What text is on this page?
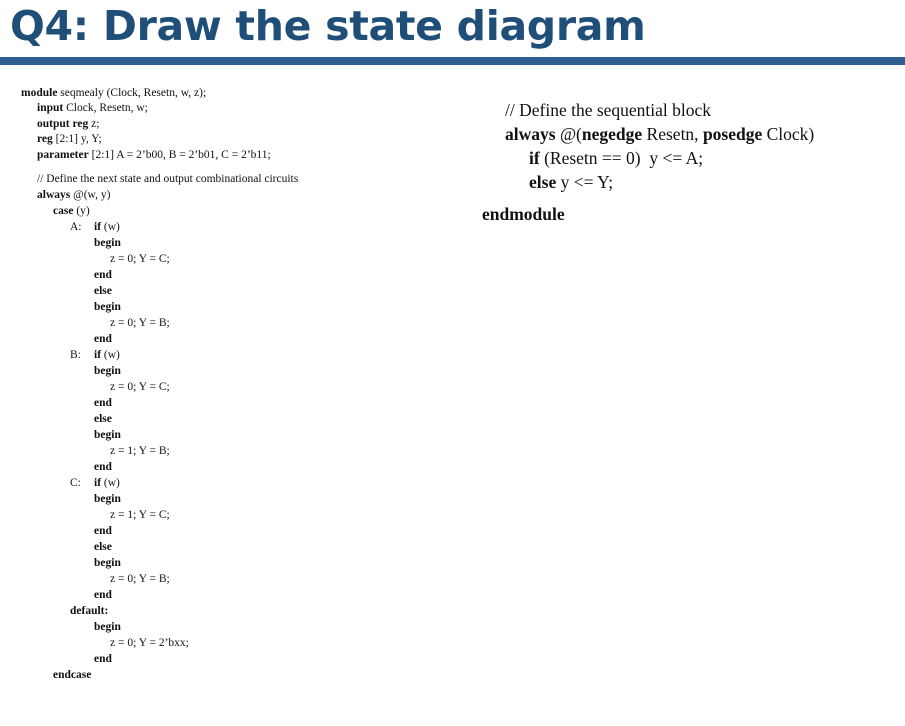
Q4: Draw the state diagram
module seqmealy (Clock, Resetn, w, z);
input Clock, Resetn, w;
output reg z;
reg [2:1] y, Y;
parameter [2:1] A = 2’b00, B = 2’b01, C = 2’b11;
// Define the next state and output combinational circuits
always @(w, y)
case (y)
A: if (w)
begin
z = 0; Y = C;
end
else
begin
z = 0; Y = B;
end
B: if (w)
begin
z = 0; Y = C;
end
else
begin
z = 1; Y = B;
end
C: if (w)
begin
z = 1; Y = C;
end
else
begin
z = 0; Y = B;
end
default:
begin
z = 0; Y = 2’bxx;
end
endcase
// Define the sequential block
always @(negedge Resetn, posedge Clock)
if (Resetn == 0)  y <= A;
else y <= Y;
endmodule
